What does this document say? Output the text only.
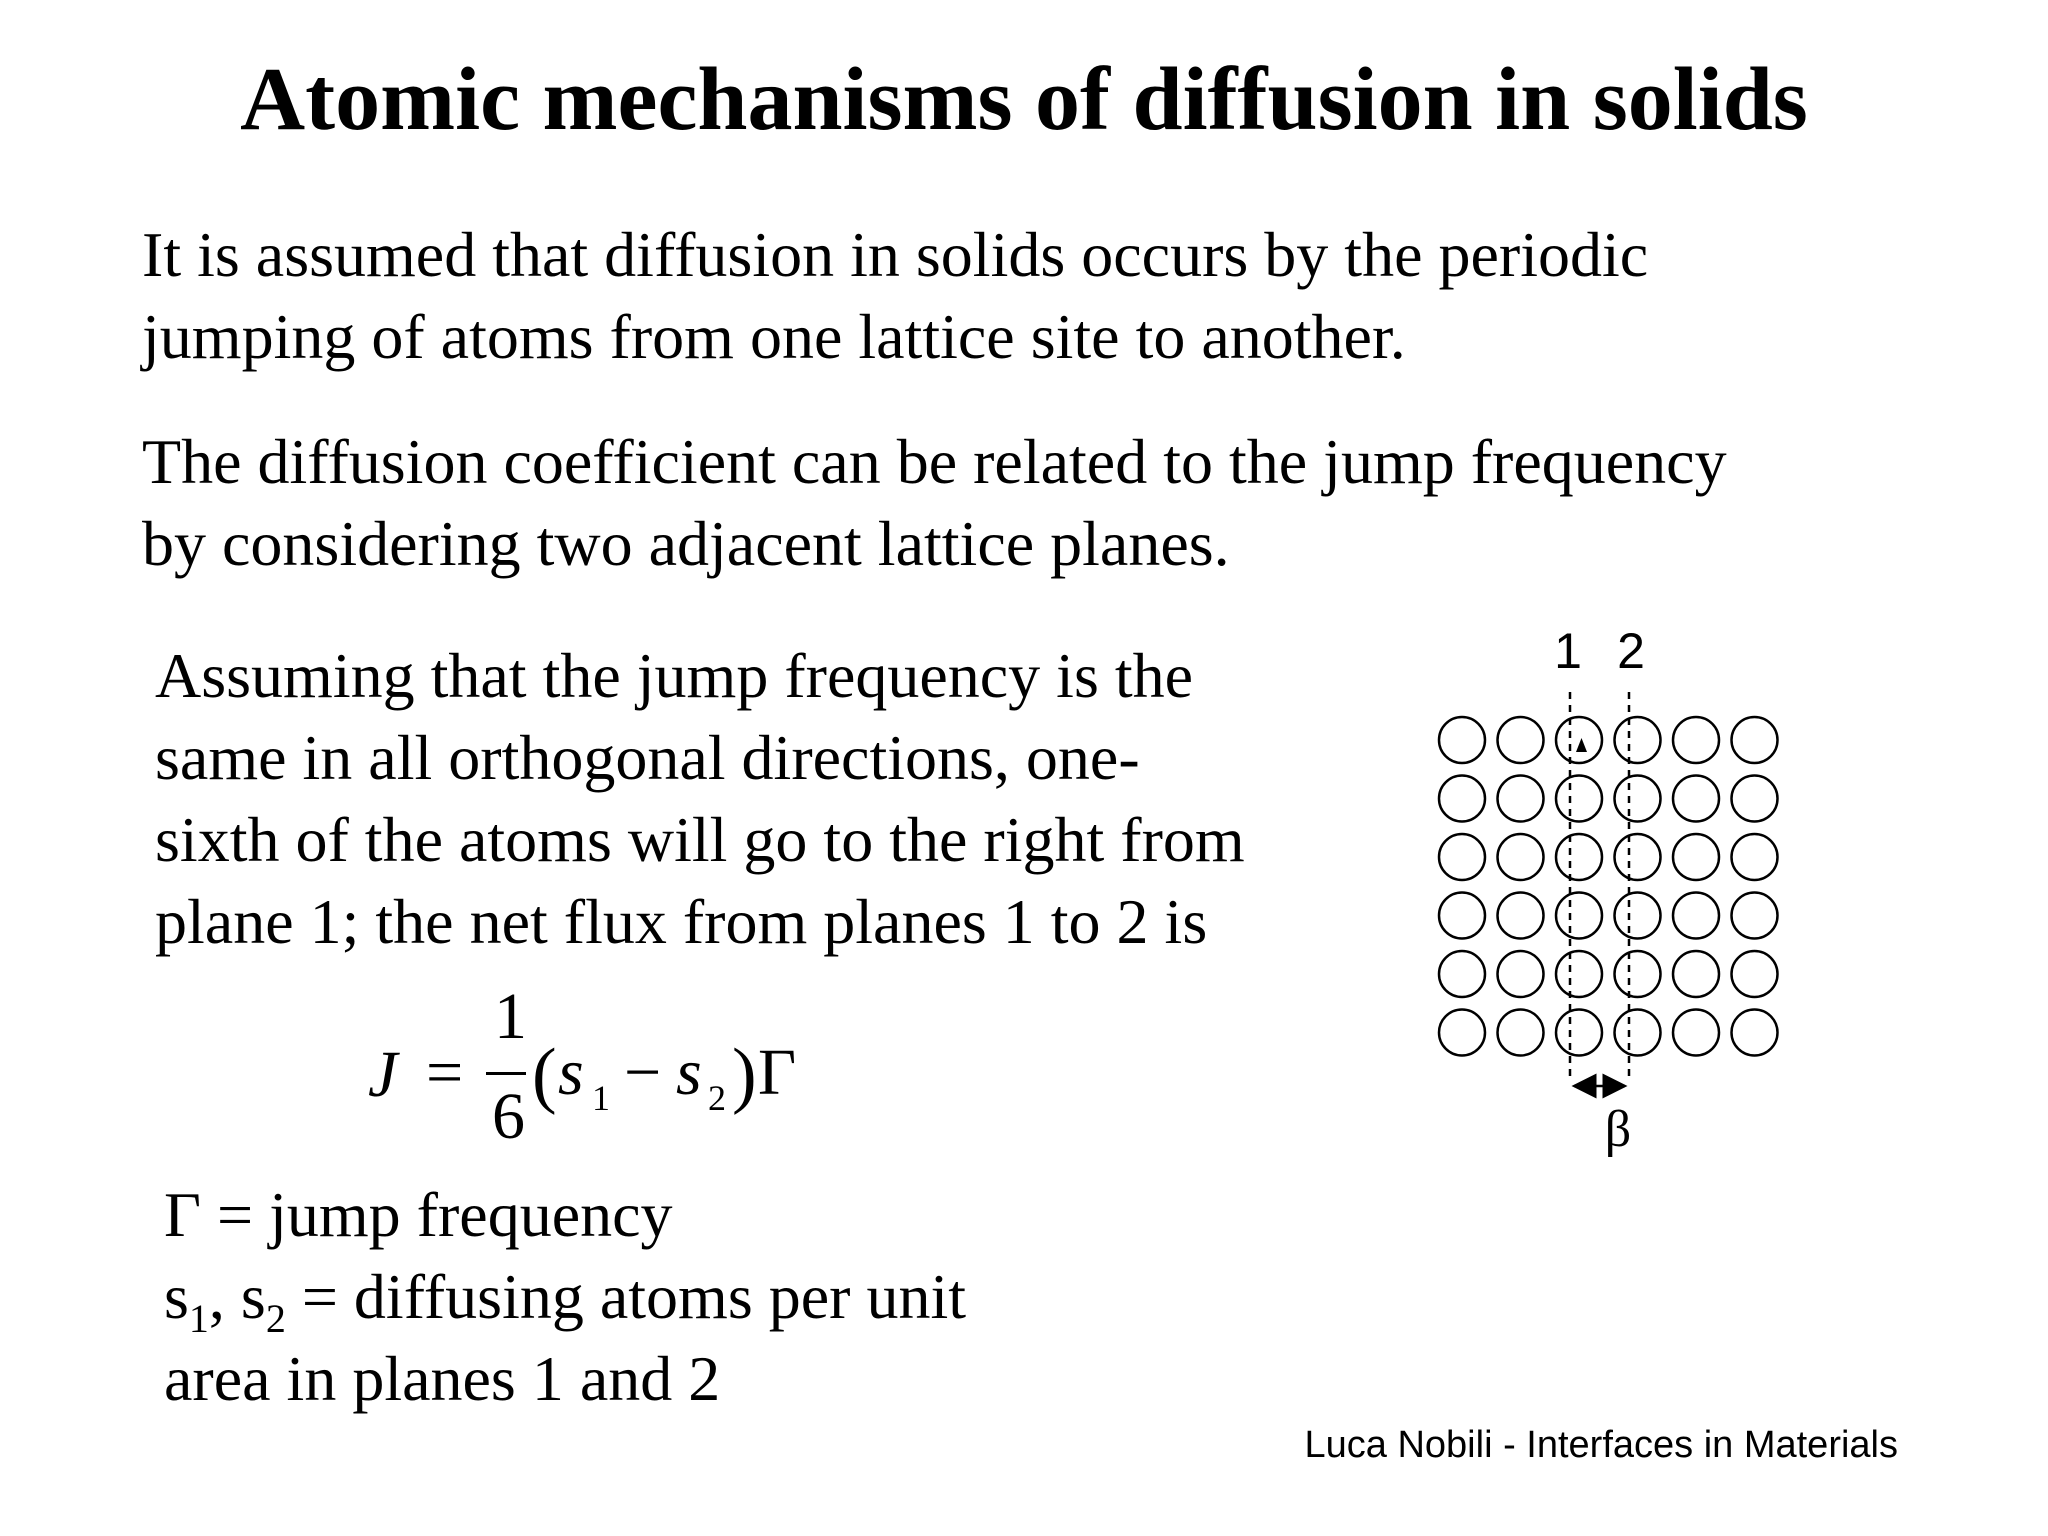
Atomic mechanisms of diffusion in solids
It is assumed that diffusion in solids occurs by the periodic
jumping of atoms from one lattice site to another.
The diffusion coefficient can be related to the jump frequency
by considering two adjacent lattice planes.
Assuming that the jump frequency is the
same in all orthogonal directions, one-
sixth of the atoms will go to the right from
plane 1; the net flux from planes 1 to 2 is
J =
1
6
( s 1 − s 2 ) Γ
Γ = jump frequency
$s_1$, $s_2$ = diffusing atoms per unit
area in planes 1 and 2
1 2
β
Luca Nobili - Interfaces in Materials
